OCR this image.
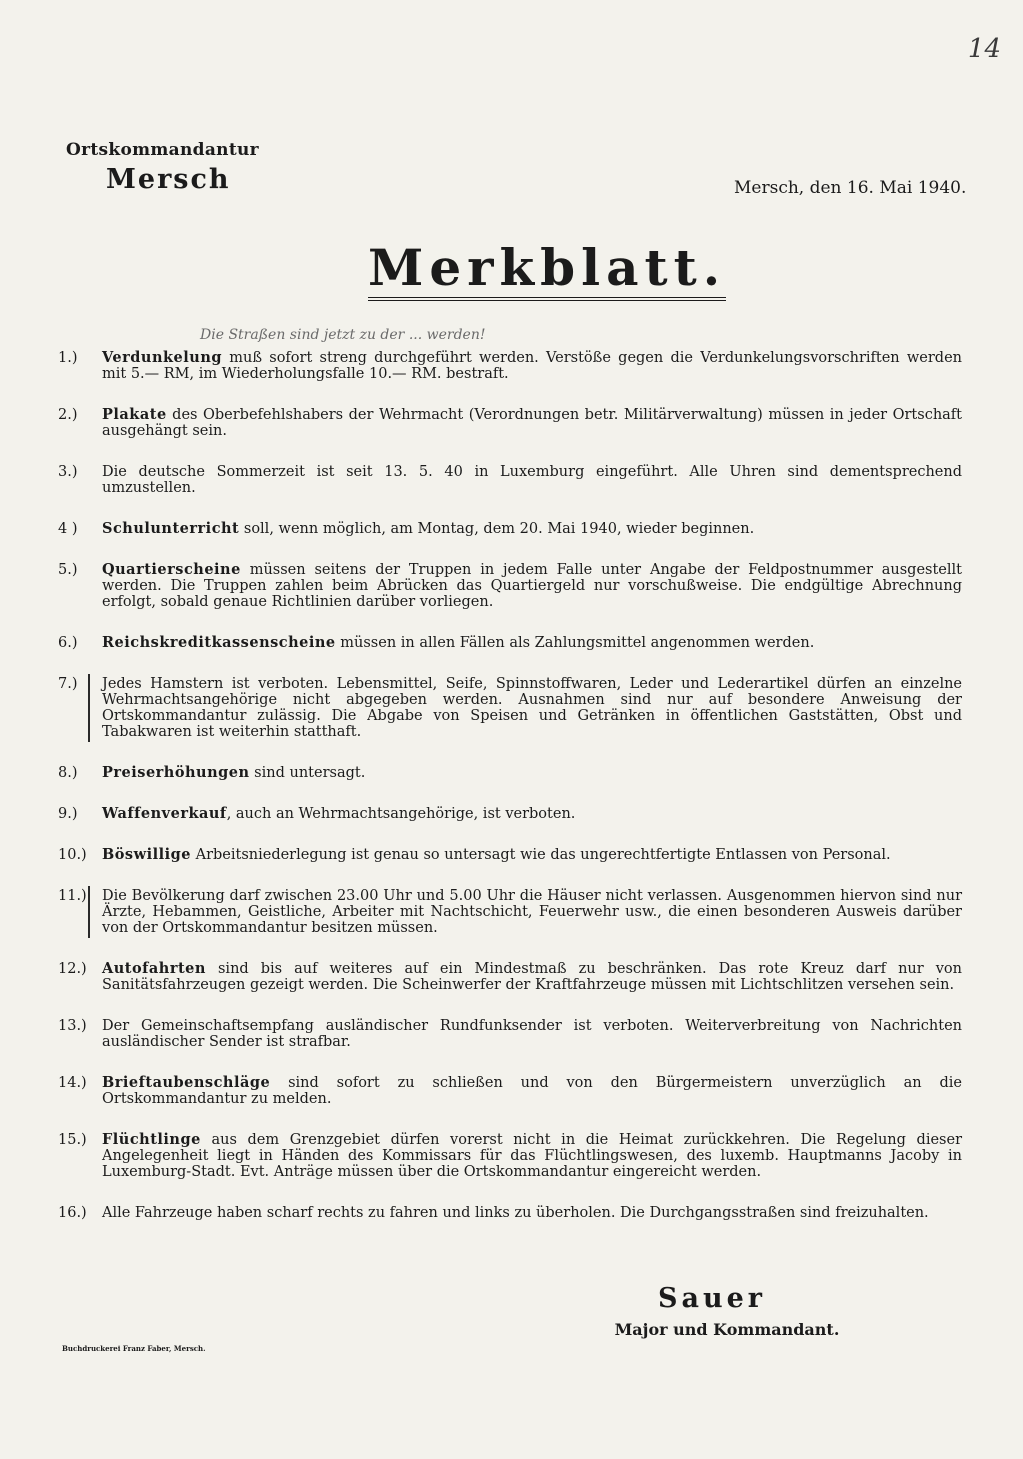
14
Ortskommandantur
Mersch	Mersch, den 16. Mai 1940.
Merkblatt.
Die Straßen sind jetzt zu der ... werden!
1.)	Verdunkelung muß sofort streng durchgeführt werden. Verstöße gegen die Verdunkelungsvorschriften werden mit 5.— RM, im Wiederholungsfalle 10.— RM. bestraft.
2.)	Plakate des Oberbefehlshabers der Wehrmacht (Verordnungen betr. Militärverwaltung) müssen in jeder Ortschaft ausgehängt sein.
3.)	Die deutsche Sommerzeit ist seit 13. 5. 40 in Luxemburg eingeführt. Alle Uhren sind dementsprechend umzustellen.
4 )	Schulunterricht soll, wenn möglich, am Montag, dem 20. Mai 1940, wieder beginnen.
5.)	Quartierscheine müssen seitens der Truppen in jedem Falle unter Angabe der Feldpostnummer ausgestellt werden. Die Truppen zahlen beim Abrücken das Quartiergeld nur vorschußweise. Die endgültige Abrechnung erfolgt, sobald genaue Richtlinien darüber vorliegen.
6.)	Reichskreditkassenscheine müssen in allen Fällen als Zahlungsmittel angenommen werden.
7.)	Jedes Hamstern ist verboten. Lebensmittel, Seife, Spinnstoffwaren, Leder und Lederartikel dürfen an einzelne Wehrmachtsangehörige nicht abgegeben werden. Ausnahmen sind nur auf besondere Anweisung der Ortskommandantur zulässig. Die Abgabe von Speisen und Getränken in öffentlichen Gaststätten, Obst und Tabakwaren ist weiterhin statthaft.
8.)	Preiserhöhungen sind untersagt.
9.)	Waffenverkauf, auch an Wehrmachtsangehörige, ist verboten.
10.)	Böswillige Arbeitsniederlegung ist genau so untersagt wie das ungerechtfertigte Entlassen von Personal.
11.)	Die Bevölkerung darf zwischen 23.00 Uhr und 5.00 Uhr die Häuser nicht verlassen. Ausgenommen hiervon sind nur Ärzte, Hebammen, Geistliche, Arbeiter mit Nachtschicht, Feuerwehr usw., die einen besonderen Ausweis darüber von der Ortskommandantur besitzen müssen.
12.)	Autofahrten sind bis auf weiteres auf ein Mindestmaß zu beschränken. Das rote Kreuz darf nur von Sanitätsfahrzeugen gezeigt werden. Die Scheinwerfer der Kraftfahrzeuge müssen mit Lichtschlitzen versehen sein.
13.)	Der Gemeinschaftsempfang ausländischer Rundfunksender ist verboten. Weiterverbreitung von Nachrichten ausländischer Sender ist strafbar.
14.)	Brieftaubenschläge sind sofort zu schließen und von den Bürgermeistern unverzüglich an die Ortskommandantur zu melden.
15.)	Flüchtlinge aus dem Grenzgebiet dürfen vorerst nicht in die Heimat zurückkehren. Die Regelung dieser Angelegenheit liegt in Händen des Kommissars für das Flüchtlingswesen, des luxemb. Hauptmanns Jacoby in Luxemburg-Stadt. Evt. Anträge müssen über die Ortskommandantur eingereicht werden.
16.)	Alle Fahrzeuge haben scharf rechts zu fahren und links zu überholen. Die Durchgangsstraßen sind freizuhalten.
Sauer
Major und Kommandant.
Buchdruckerei Franz Faber, Mersch.
